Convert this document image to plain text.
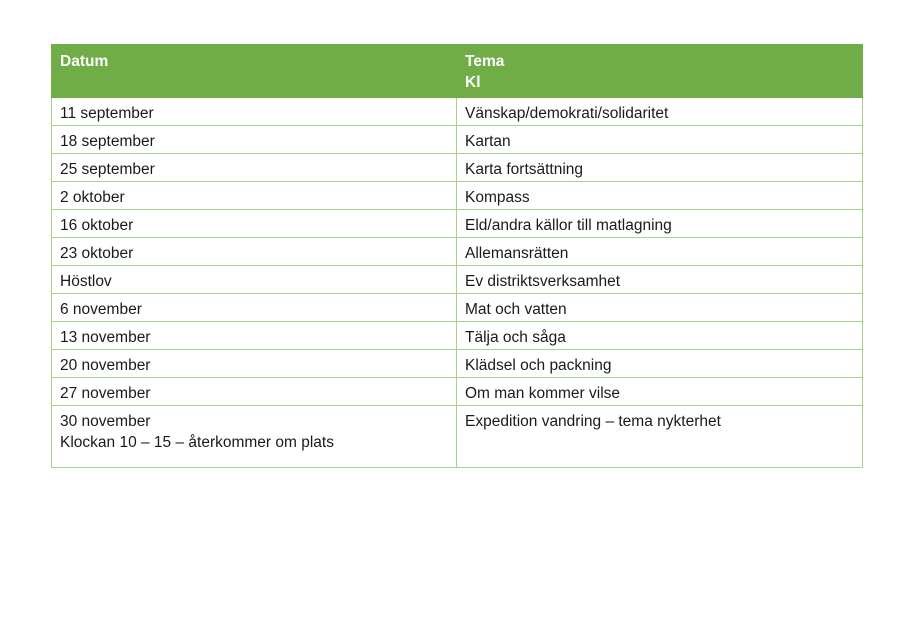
Datum	Tema
Kl

11 september	Vänskap/demokrati/solidaritet
18 september	Kartan
25 september	Karta fortsättning
2 oktober	Kompass
16 oktober	Eld/andra källor till matlagning
23 oktober	Allemansrätten
Höstlov	Ev distriktsverksamhet
6 november	Mat och vatten
13 november	Tälja och såga
20 november	Klädsel och packning
27 november	Om man kommer vilse

30 november
Klockan 10 – 15 – återkommer om plats	Expedition vandring – tema nykterhet
